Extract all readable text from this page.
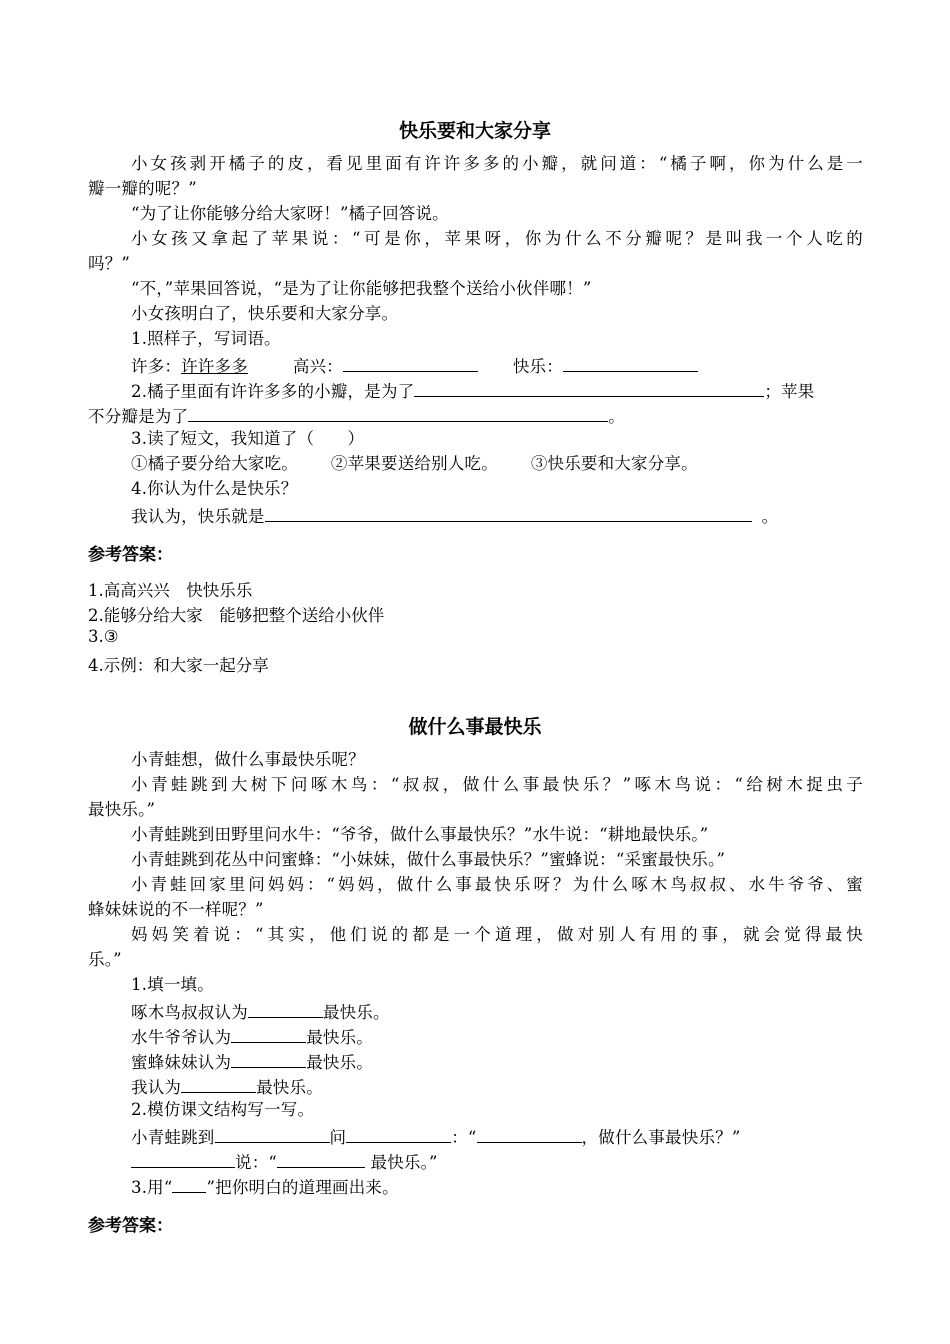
快乐要和大家分享
小女孩剥开橘子的皮，看见里面有许许多多的小瓣，就问道：“橘子啊，你为什么是一
瓣一瓣的呢？”
“为了让你能够分给大家呀！”橘子回答说。
小女孩又拿起了苹果说：“可是你，苹果呀，你为什么不分瓣呢？是叫我一个人吃的
吗？”
“不，”苹果回答说，“是为了让你能够把我整个送给小伙伴哪！”
小女孩明白了，快乐要和大家分享。
1.照样子，写词语。
许多：许许多多	高兴：	快乐：
2.橘子里面有许许多多的小瓣，是为了	；苹果
不分瓣是为了	。
3.读了短文，我知道了（　　）
①橘子要分给大家吃。 ②苹果要送给别人吃。 ③快乐要和大家分享。
4.你认为什么是快乐？
我认为，快乐就是	。
参考答案：
1.高高兴兴　快快乐乐
2.能够分给大家　能够把整个送给小伙伴
3.③
4.示例：和大家一起分享
做什么事最快乐
小青蛙想，做什么事最快乐呢？
小青蛙跳到大树下问啄木鸟：“叔叔，做什么事最快乐？”啄木鸟说：“给树木捉虫子
最快乐。”
小青蛙跳到田野里问水牛：“爷爷，做什么事最快乐？”水牛说：“耕地最快乐。”
小青蛙跳到花丛中问蜜蜂：“小妹妹，做什么事最快乐？”蜜蜂说：“采蜜最快乐。”
小青蛙回家里问妈妈：“妈妈，做什么事最快乐呀？为什么啄木鸟叔叔、水牛爷爷、蜜
蜂妹妹说的不一样呢？”
妈妈笑着说：“其实，他们说的都是一个道理，做对别人有用的事，就会觉得最快
乐。”
1.填一填。
啄木鸟叔叔认为	最快乐。
水牛爷爷认为	最快乐。
蜜蜂妹妹认为	最快乐。
我认为	最快乐。
2.模仿课文结构写一写。
小青蛙跳到	问	：“	，做什么事最快乐？”
说：“	最快乐。”
3.用“ ”把你明白的道理画出来。
参考答案：
